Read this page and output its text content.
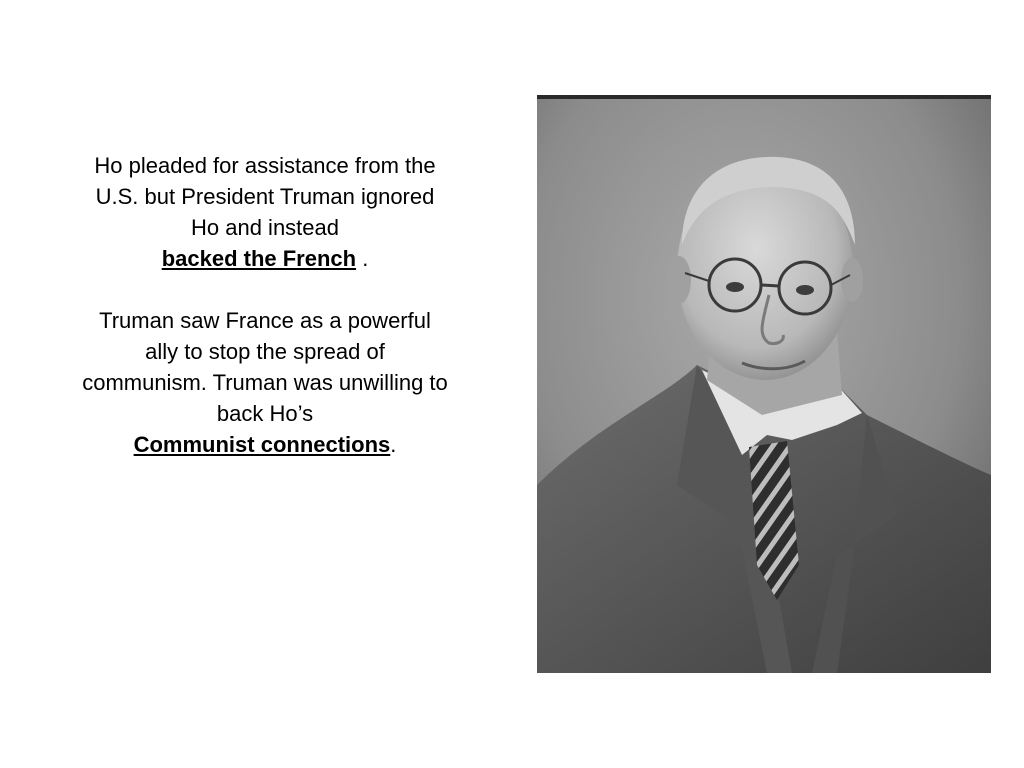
Ho pleaded for assistance from the U.S. but President Truman ignored Ho and instead
backed the French .

Truman saw France as a powerful ally to stop the spread of communism. Truman was unwilling to back Ho’s
Communist connections.
